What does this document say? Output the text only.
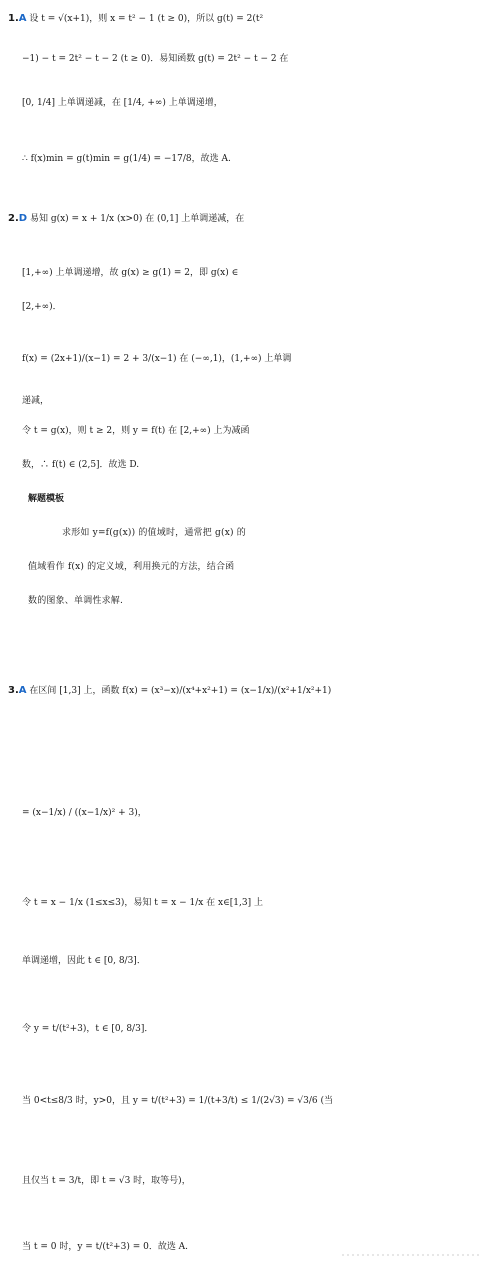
1.A 设 t = √(x+1)，则 x = t² − 1 (t ≥ 0)，所以 g(t) = 2(t²
−1) − t = 2t² − t − 2 (t ≥ 0)．易知函数 g(t) = 2t² − t − 2 在
[0, 1/4] 上单调递减，在 [1/4, +∞) 上单调递增，
∴ f(x)min = g(t)min = g(1/4) = −17/8，故选 A.
2.D 易知 g(x) = x + 1/x (x>0) 在 (0,1] 上单调递减，在
[1,+∞) 上单调递增，故 g(x) ≥ g(1) = 2，即 g(x) ∈
[2,+∞)．
f(x) = (2x+1)/(x−1) = 2 + 3/(x−1) 在 (−∞,1)，(1,+∞) 上单调
递减，
令 t = g(x)，则 t ≥ 2，则 y = f(t) 在 [2,+∞) 上为减函
数，∴ f(t) ∈ (2,5]．故选 D.
解题模板
求形如 y=f(g(x)) 的值域时，通常把 g(x) 的
值域看作 f(x) 的定义域，利用换元的方法，结合函
数的图象、单调性求解.
3.A 在区间 [1,3] 上，函数 f(x) = (x³−x)/(x⁴+x²+1) = (x−1/x)/(x²+1/x²+1)
= (x−1/x) / ((x−1/x)² + 3)，
令 t = x − 1/x (1≤x≤3)，易知 t = x − 1/x 在 x∈[1,3] 上
单调递增，因此 t ∈ [0, 8/3]．
令 y = t/(t²+3)，t ∈ [0, 8/3]．
当 0<t≤8/3 时，y>0，且 y = t/(t²+3) = 1/(t+3/t) ≤ 1/(2√3) = √3/6 (当
且仅当 t = 3/t，即 t = √3 时，取等号)，
当 t = 0 时，y = t/(t²+3) = 0．故选 A.
